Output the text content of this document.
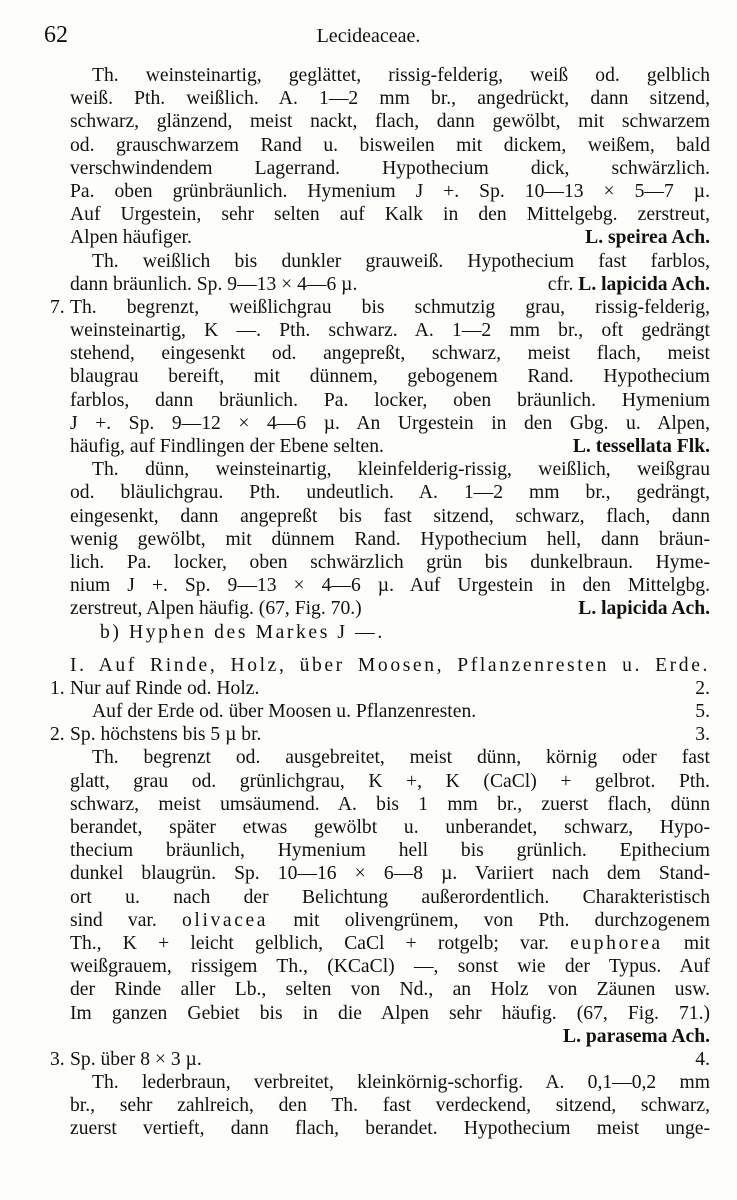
62	Lecideaceae.
Th. weinsteinartig, geglättet, rissig-felderig, weiß od. gelblich
weiß. Pth. weißlich. A. 1—2 mm br., angedrückt, dann sitzend,
schwarz, glänzend, meist nackt, flach, dann gewölbt, mit schwarzem
od. grauschwarzem Rand u. bisweilen mit dickem, weißem, bald
verschwindendem Lagerrand. Hypothecium dick, schwärzlich.
Pa. oben grünbräunlich. Hymenium J +. Sp. 10—13 × 5—7 µ.
Auf Urgestein, sehr selten auf Kalk in den Mittelgebg. zerstreut,
Alpen häufiger.	L. speirea Ach.
Th. weißlich bis dunkler grauweiß. Hypothecium fast farblos,
dann bräunlich. Sp. 9—13 × 4—6 µ.	cfr. L. lapicida Ach.
7. Th. begrenzt, weißlichgrau bis schmutzig grau, rissig-felderig,
weinsteinartig, K —. Pth. schwarz. A. 1—2 mm br., oft gedrängt
stehend, eingesenkt od. angepreßt, schwarz, meist flach, meist
blaugrau bereift, mit dünnem, gebogenem Rand. Hypothecium
farblos, dann bräunlich. Pa. locker, oben bräunlich. Hymenium
J +. Sp. 9—12 × 4—6 µ. An Urgestein in den Gbg. u. Alpen,
häufig, auf Findlingen der Ebene selten.	L. tessellata Flk.
Th. dünn, weinsteinartig, kleinfelderig-rissig, weißlich, weißgrau
od. bläulichgrau. Pth. undeutlich. A. 1—2 mm br., gedrängt,
eingesenkt, dann angepreßt bis fast sitzend, schwarz, flach, dann
wenig gewölbt, mit dünnem Rand. Hypothecium hell, dann bräun-
lich. Pa. locker, oben schwärzlich grün bis dunkelbraun. Hyme-
nium J +. Sp. 9—13 × 4—6 µ. Auf Urgestein in den Mittelgbg.
zerstreut, Alpen häufig. (67, Fig. 70.)	L. lapicida Ach.
b) Hyphen des Markes J —.
I. Auf Rinde, Holz, über Moosen, Pflanzenresten u. Erde.
1. Nur auf Rinde od. Holz.	2.
Auf der Erde od. über Moosen u. Pflanzenresten.	5.
2. Sp. höchstens bis 5 µ br.	3.
Th. begrenzt od. ausgebreitet, meist dünn, körnig oder fast
glatt, grau od. grünlichgrau, K +, K (CaCl) + gelbrot. Pth.
schwarz, meist umsäumend. A. bis 1 mm br., zuerst flach, dünn
berandet, später etwas gewölbt u. unberandet, schwarz, Hypo-
thecium bräunlich, Hymenium hell bis grünlich. Epithecium
dunkel blaugrün. Sp. 10—16 × 6—8 µ. Variiert nach dem Stand-
ort u. nach der Belichtung außerordentlich. Charakteristisch
sind var. olivacea mit olivengrünem, von Pth. durchzogenem
Th., K + leicht gelblich, CaCl + rotgelb; var. euphorea mit
weißgrauem, rissigem Th., (KCaCl) —, sonst wie der Typus. Auf
der Rinde aller Lb., selten von Nd., an Holz von Zäunen usw.
Im ganzen Gebiet bis in die Alpen sehr häufig. (67, Fig. 71.)
L. parasema Ach.
3. Sp. über 8 × 3 µ.	4.
Th. lederbraun, verbreitet, kleinkörnig-schorfig. A. 0,1—0,2 mm
br., sehr zahlreich, den Th. fast verdeckend, sitzend, schwarz,
zuerst vertieft, dann flach, berandet. Hypothecium meist unge-
